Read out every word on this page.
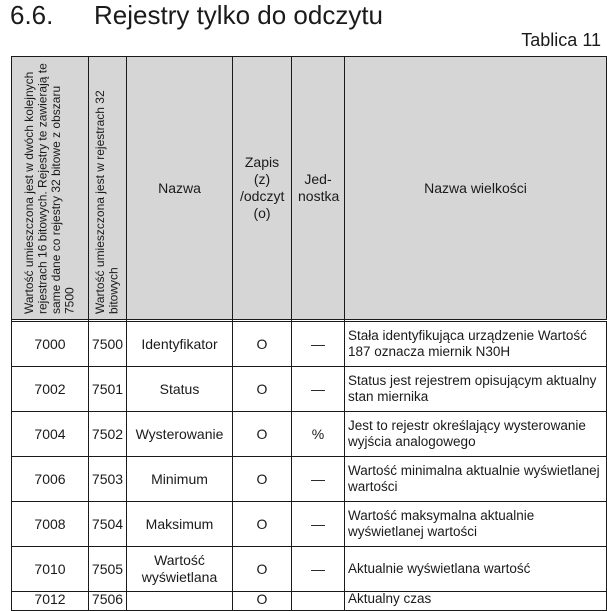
6.6. Rejestry tylko do odczytu
Tablica 11
Wartość umieszczona jest w dwóch kolejnych rejestrach 16 bitowych. Rejestry te zawierają te same dane co rejestry 32 bitowe z obszaru 7500	Wartość umieszczona jest w rejestrach 32 bitowych	Nazwa	Zapis (z) /odczyt (o)	Jed-nostka	Nazwa wielkości

7000	7500	Identyfikator	O	—	Stała identyfikująca urządzenie Wartość 187 oznacza miernik N30H
7002	7501	Status	O	—	Status jest rejestrem opisującym aktualny stan miernika
7004	7502	Wysterowanie	O	%	Jest to rejestr określający wysterowanie wyjścia analogowego
7006	7503	Minimum	O	—	Wartość minimalna aktualnie wyświetlanej wartości
7008	7504	Maksimum	O	—	Wartość maksymalna aktualnie wyświetlanej wartości
7010	7505	Wartość wyświetlana	O	—	Aktualnie wyświetlana wartość
7012	7506		O		Aktualny czas
